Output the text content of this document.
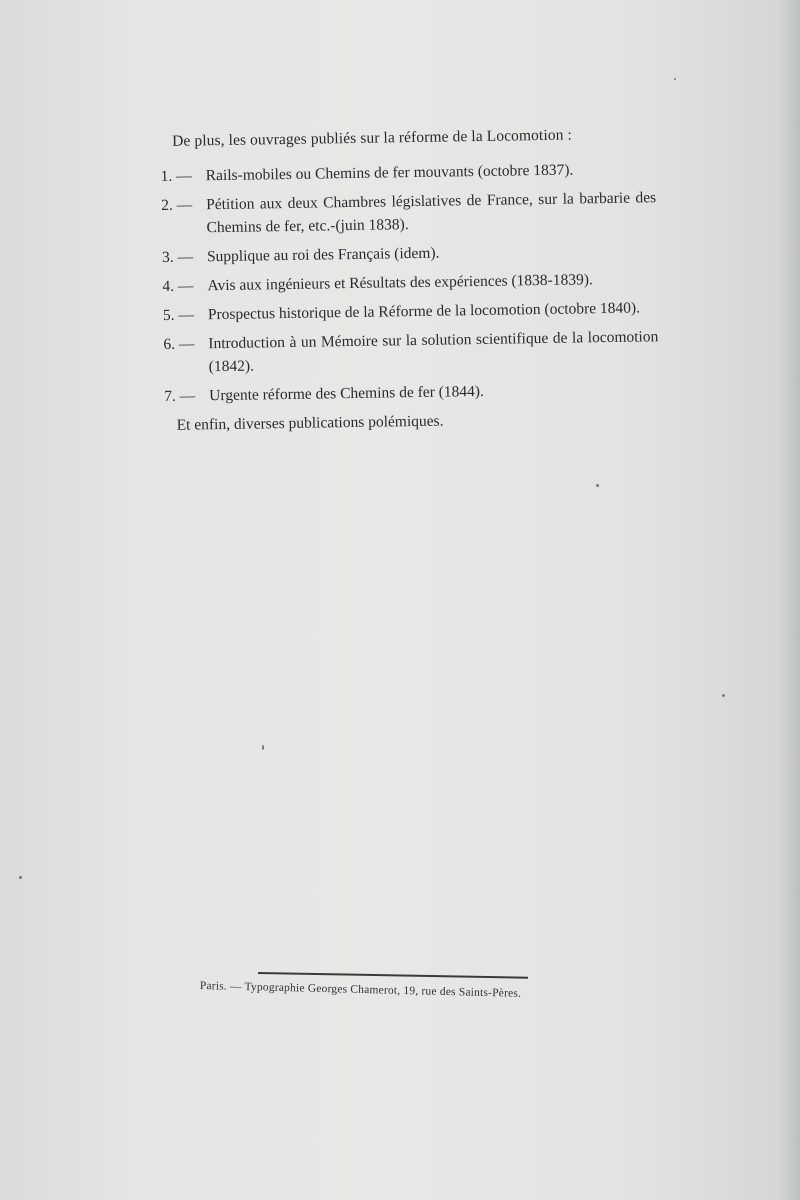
De plus, les ouvrages publiés sur la réforme de la Locomotion :

1. — Rails-mobiles ou Chemins de fer mouvants (octobre 1837).
2. — Pétition aux deux Chambres législatives de France, sur la barbarie des Chemins de fer, etc.-(juin 1838).
3. — Supplique au roi des Français (idem).
4. — Avis aux ingénieurs et Résultats des expériences (1838-1839).
5. — Prospectus historique de la Réforme de la locomotion (octobre 1840).
6. — Introduction à un Mémoire sur la solution scientifique de la locomotion (1842).
7. — Urgente réforme des Chemins de fer (1844).

Et enfin, diverses publications polémiques.

Paris. — Typographie Georges Chamerot, 19, rue des Saints-Pères.
